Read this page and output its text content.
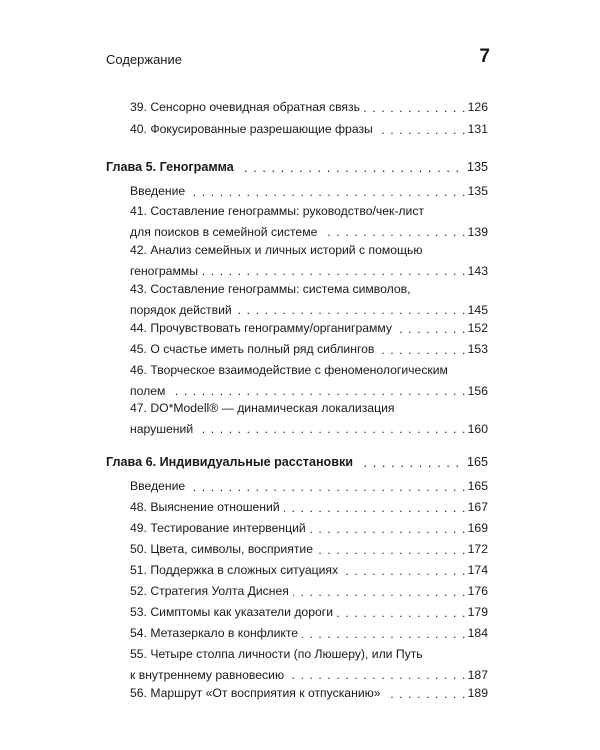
Содержание	7
. . .
39. Сенсорно очевидная обратная связь	126
. . .
40. Фокусированные разрешающие фразы	131
. . .
Глава 5. Генограмма	135
. . .
Введение	135
. . .
41. Составление генограммы: руководство/чек-лист
для поисков в семейной системе	139
. . .
42. Анализ семейных и личных историй с помощью
генограммы	143
. . .
43. Составление генограммы: система символов,
порядок действий	145
. . .
44. Прочувствовать генограмму/органиграмму	152
. . .
45. О счастье иметь полный ряд сиблингов	153
. . .
46. Творческое взаимодействие с феноменологическим
полем	156
. . .
47. DO*Modell® — динамическая локализация
нарушений	160
. . .
Глава 6. Индивидуальные расстановки	165
. . .
Введение	165
. . .
48. Выяснение отношений	167
. . .
49. Тестирование интервенций	169
. . .
50. Цвета, символы, восприятие	172
. . .
51. Поддержка в сложных ситуациях	174
. . .
52. Стратегия Уолта Диснея	176
. . .
53. Симптомы как указатели дороги	179
. . .
54. Метазеркало в конфликте	184
. . .
55. Четыре столпа личности (по Люшеру), или Путь
к внутреннему равновесию	187
. . .
56. Маршрут «От восприятия к отпусканию»	189
